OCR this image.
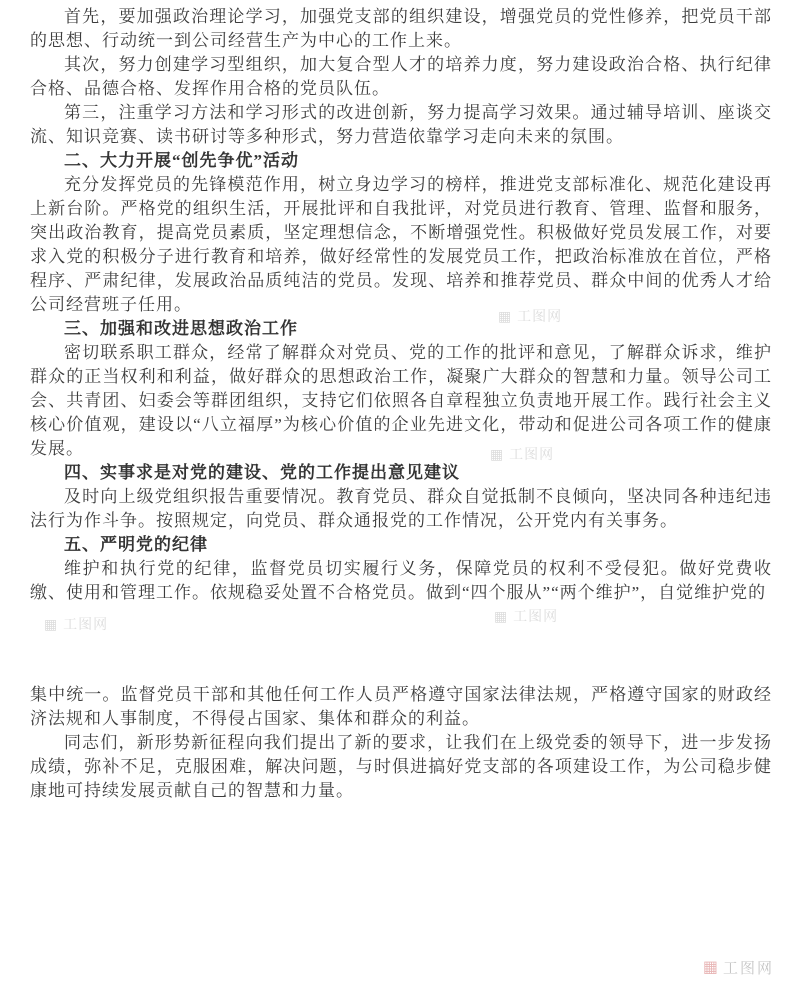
▦ 工图网
▦ 工图网
▦ 工图网
▦ 工图网
首先，要加强政治理论学习，加强党支部的组织建设，增强党员的党性修养，把党员干部的思想、行动统一到公司经营生产为中心的工作上来。
其次，努力创建学习型组织，加大复合型人才的培养力度，努力建设政治合格、执行纪律合格、品德合格、发挥作用合格的党员队伍。
第三，注重学习方法和学习形式的改进创新，努力提高学习效果。通过辅导培训、座谈交流、知识竞赛、读书研讨等多种形式，努力营造依靠学习走向未来的氛围。
二、大力开展“创先争优”活动
充分发挥党员的先锋模范作用，树立身边学习的榜样，推进党支部标准化、规范化建设再上新台阶。严格党的组织生活，开展批评和自我批评，对党员进行教育、管理、监督和服务，突出政治教育，提高党员素质，坚定理想信念，不断增强党性。积极做好党员发展工作，对要求入党的积极分子进行教育和培养，做好经常性的发展党员工作，把政治标准放在首位，严格程序、严肃纪律，发展政治品质纯洁的党员。发现、培养和推荐党员、群众中间的优秀人才给公司经营班子任用。
三、加强和改进思想政治工作
密切联系职工群众，经常了解群众对党员、党的工作的批评和意见，了解群众诉求，维护群众的正当权利和利益，做好群众的思想政治工作，凝聚广大群众的智慧和力量。领导公司工会、共青团、妇委会等群团组织，支持它们依照各自章程独立负责地开展工作。践行社会主义核心价值观，建设以“八立福厚”为核心价值的企业先进文化，带动和促进公司各项工作的健康发展。
四、实事求是对党的建设、党的工作提出意见建议
及时向上级党组织报告重要情况。教育党员、群众自觉抵制不良倾向，坚决同各种违纪违法行为作斗争。按照规定，向党员、群众通报党的工作情况，公开党内有关事务。
五、严明党的纪律
维护和执行党的纪律，监督党员切实履行义务，保障党员的权利不受侵犯。做好党费收缴、使用和管理工作。依规稳妥处置不合格党员。做到“四个服从”“两个维护”，自觉维护党的
集中统一。监督党员干部和其他任何工作人员严格遵守国家法律法规，严格遵守国家的财政经济法规和人事制度，不得侵占国家、集体和群众的利益。
同志们，新形势新征程向我们提出了新的要求，让我们在上级党委的领导下，进一步发扬成绩，弥补不足，克服困难，解决问题，与时俱进搞好党支部的各项建设工作，为公司稳步健康地可持续发展贡献自己的智慧和力量。
▦ 工图网
